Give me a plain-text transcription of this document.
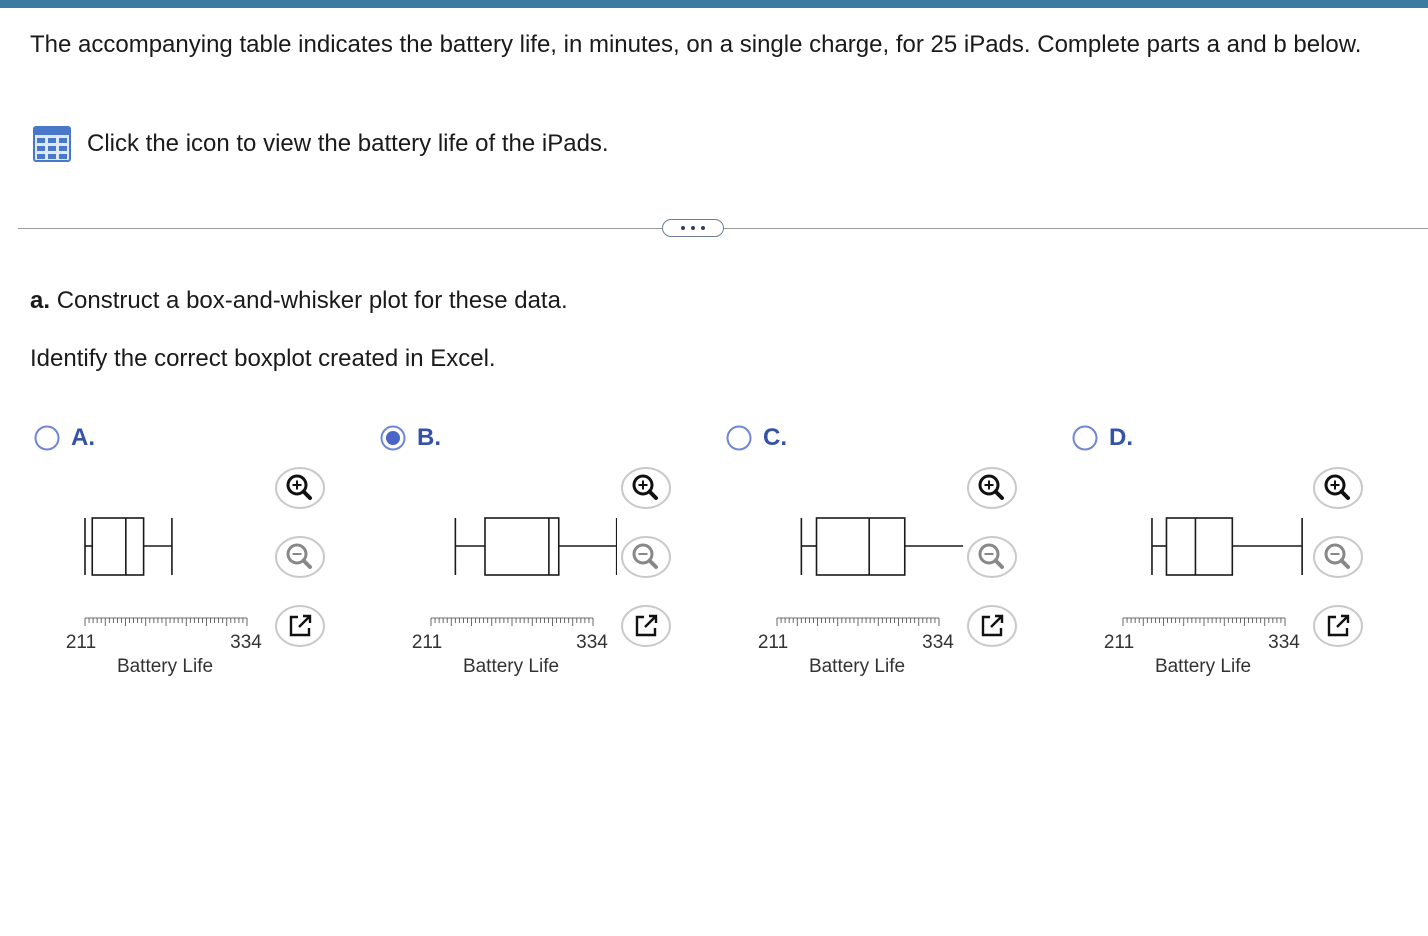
The accompanying table indicates the battery life, in minutes, on a single charge, for 25 iPads. Complete parts a and b below.

Click the icon to view the battery life of the iPads.

a. Construct a box-and-whisker plot for these data.

Identify the correct boxplot created in Excel.

A.
211	334
Battery Life
B.
211	334
Battery Life
C.
211	334
Battery Life
D.
211	334
Battery Life
